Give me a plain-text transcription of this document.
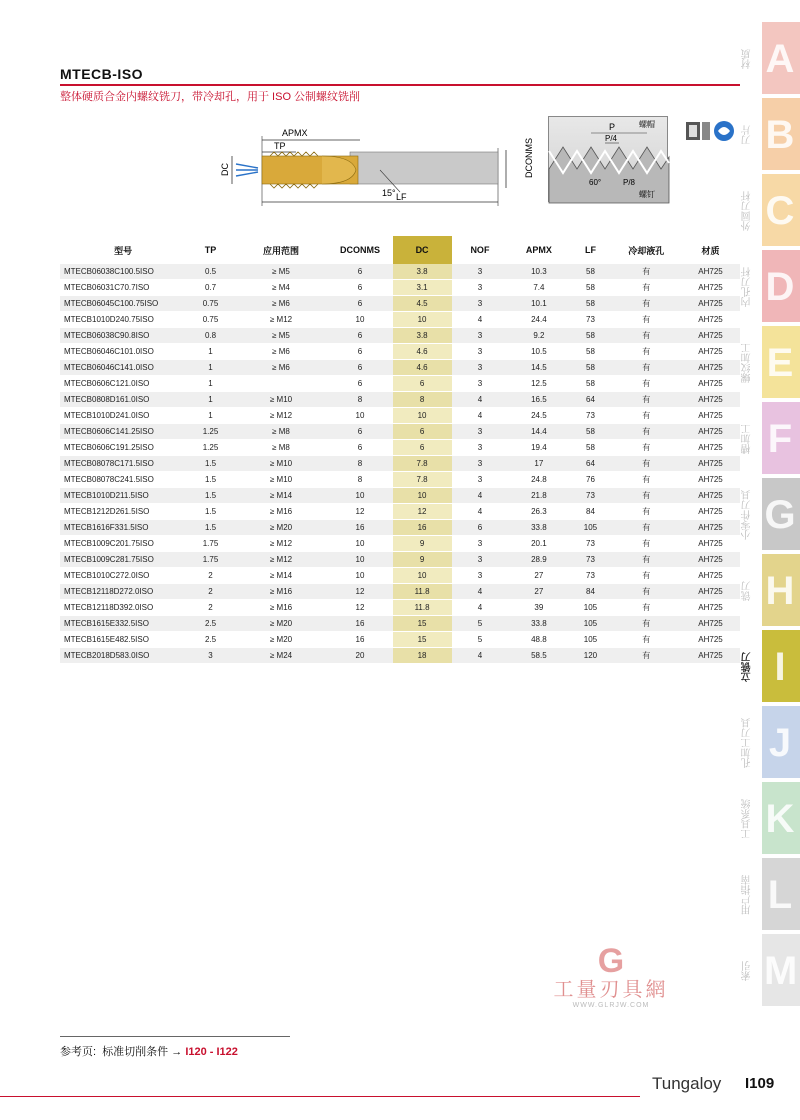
MTECB-ISO
整体硬质合金内螺纹铣刀，带冷却孔，用于 ISO 公制螺纹铣削
APMX
TP
DC	DCONMS
15° LF
P
P/4
螺帽
60°	P/8
螺钉
型号	TP	应用范围	DCONMS	DC	NOF	APMX	LF	冷却液孔	材质
MTECB06038C100.5ISO	0.5	≥ M5	6	3.8	3	10.3	58	有	AH725
MTECB06031C70.7ISO	0.7	≥ M4	6	3.1	3	7.4	58	有	AH725
MTECB06045C100.75ISO	0.75	≥ M6	6	4.5	3	10.1	58	有	AH725
MTECB1010D240.75ISO	0.75	≥ M12	10	10	4	24.4	73	有	AH725
MTECB06038C90.8ISO	0.8	≥ M5	6	3.8	3	9.2	58	有	AH725
MTECB06046C101.0ISO	1	≥ M6	6	4.6	3	10.5	58	有	AH725
MTECB06046C141.0ISO	1	≥ M6	6	4.6	3	14.5	58	有	AH725
MTECB0606C121.0ISO	1		6	6	3	12.5	58	有	AH725
MTECB0808D161.0ISO	1	≥ M10	8	8	4	16.5	64	有	AH725
MTECB1010D241.0ISO	1	≥ M12	10	10	4	24.5	73	有	AH725
MTECB0606C141.25ISO	1.25	≥ M8	6	6	3	14.4	58	有	AH725
MTECB0606C191.25ISO	1.25	≥ M8	6	6	3	19.4	58	有	AH725
MTECB08078C171.5ISO	1.5	≥ M10	8	7.8	3	17	64	有	AH725
MTECB08078C241.5ISO	1.5	≥ M10	8	7.8	3	24.8	76	有	AH725
MTECB1010D211.5ISO	1.5	≥ M14	10	10	4	21.8	73	有	AH725
MTECB1212D261.5ISO	1.5	≥ M16	12	12	4	26.3	84	有	AH725
MTECB1616F331.5ISO	1.5	≥ M20	16	16	6	33.8	105	有	AH725
MTECB1009C201.75ISO	1.75	≥ M12	10	9	3	20.1	73	有	AH725
MTECB1009C281.75ISO	1.75	≥ M12	10	9	3	28.9	73	有	AH725
MTECB1010C272.0ISO	2	≥ M14	10	10	3	27	73	有	AH725
MTECB12118D272.0ISO	2	≥ M16	12	11.8	4	27	84	有	AH725
MTECB12118D392.0ISO	2	≥ M16	12	11.8	4	39	105	有	AH725
MTECB1615E332.5ISO	2.5	≥ M20	16	15	5	33.8	105	有	AH725
MTECB1615E482.5ISO	2.5	≥ M20	16	15	5	48.8	105	有	AH725
MTECB2018D583.0ISO	3	≥ M24	20	18	4	58.5	120	有	AH725
A
材质
B
刀片
C
外圆刀杆
D
内孔刀杆
E
螺纹加工
F
槽加工
G
小零件刀具
H
铣刀
I
立铣刀
J
孔加工刀具
K
工具系统
L
用户指南
M
索引
G
工量刃具網
WWW.GLRJW.COM
参考页: 标准切削条件 → I120 - I122
Tungaloy I109
